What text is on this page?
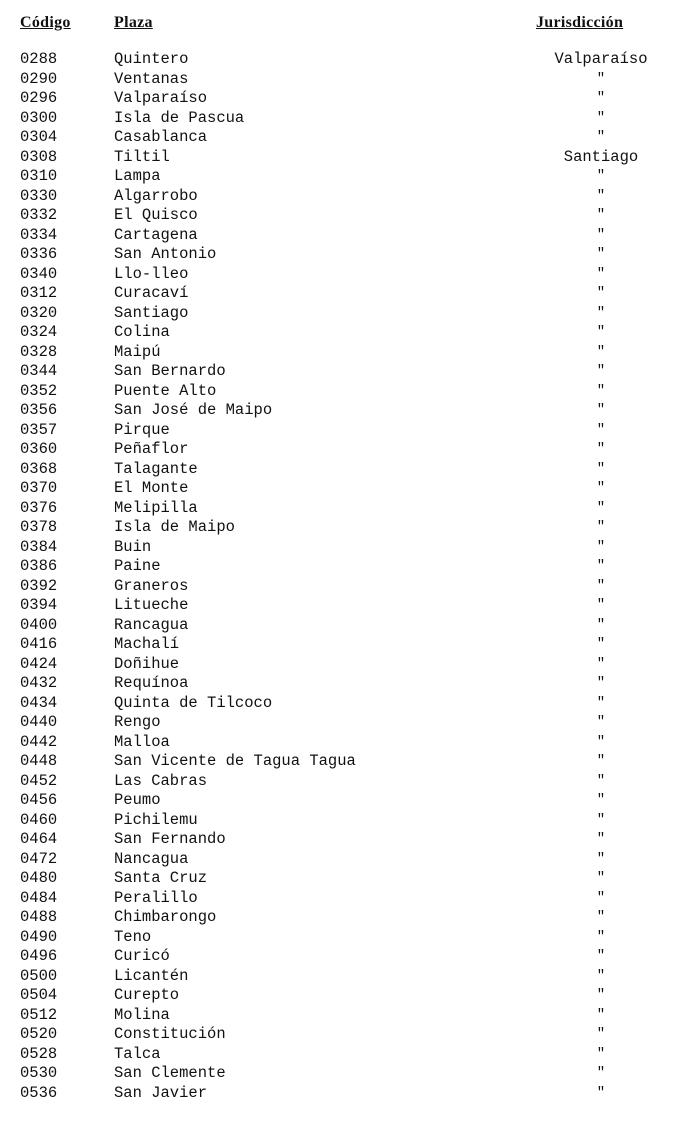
Código	Plaza	Jurisdicción
0288	Quintero	Valparaíso
0290	Ventanas	"
0296	Valparaíso	"
0300	Isla de Pascua	"
0304	Casablanca	"
0308	Tiltil	Santiago
0310	Lampa	"
0330	Algarrobo	"
0332	El Quisco	"
0334	Cartagena	"
0336	San Antonio	"
0340	Llo-lleo	"
0312	Curacaví	"
0320	Santiago	"
0324	Colina	"
0328	Maipú	"
0344	San Bernardo	"
0352	Puente Alto	"
0356	San José de Maipo	"
0357	Pirque	"
0360	Peñaflor	"
0368	Talagante	"
0370	El Monte	"
0376	Melipilla	"
0378	Isla de Maipo	"
0384	Buin	"
0386	Paine	"
0392	Graneros	"
0394	Litueche	"
0400	Rancagua	"
0416	Machalí	"
0424	Doñihue	"
0432	Requínoa	"
0434	Quinta de Tilcoco	"
0440	Rengo	"
0442	Malloa	"
0448	San Vicente de Tagua Tagua	"
0452	Las Cabras	"
0456	Peumo	"
0460	Pichilemu	"
0464	San Fernando	"
0472	Nancagua	"
0480	Santa Cruz	"
0484	Peralillo	"
0488	Chimbarongo	"
0490	Teno	"
0496	Curicó	"
0500	Licantén	"
0504	Curepto	"
0512	Molina	"
0520	Constitución	"
0528	Talca	"
0530	San Clemente	"
0536	San Javier	"
